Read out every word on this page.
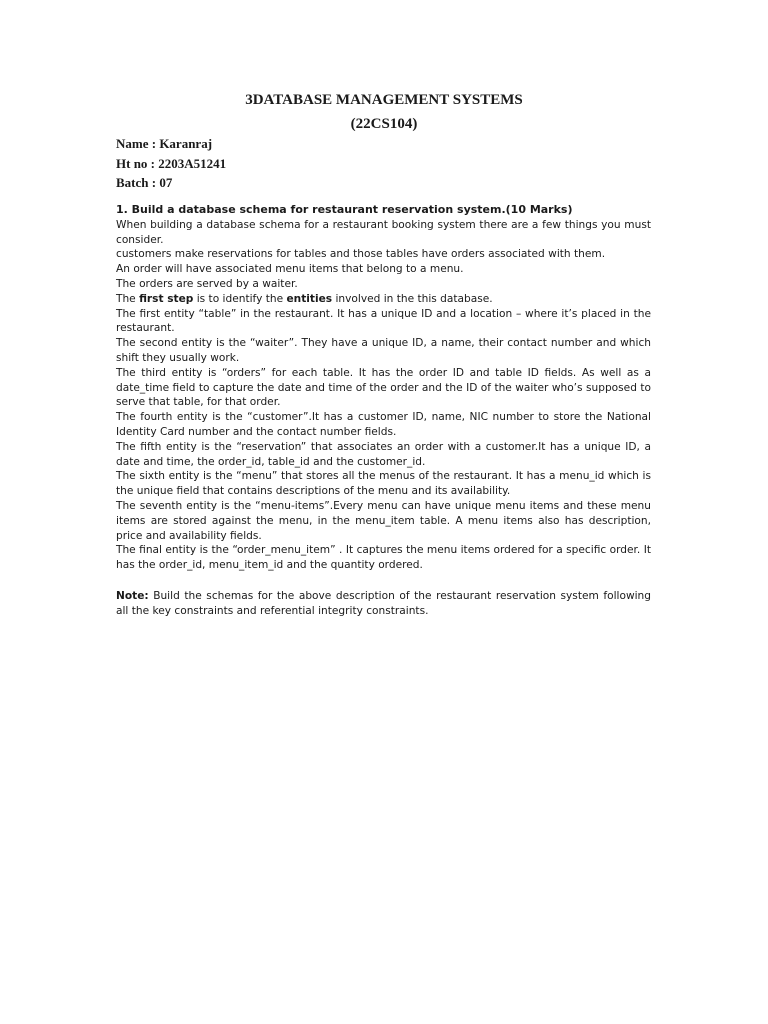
3DATABASE MANAGEMENT SYSTEMS
(22CS104)

Name : Karanraj

Ht no : 2203A51241

Batch : 07

1. Build a database schema for restaurant reservation system.(10 Marks)

When building a database schema for a restaurant booking system there are a few things you must consider.

customers make reservations for tables and those tables have orders associated with them.

An order will have associated menu items that belong to a menu.

The orders are served by a waiter.

The first step is to identify the entities involved in the this database.

The first entity “table” in the restaurant. It has a unique ID and a location – where it’s placed in the restaurant.

The second entity is the “waiter”. They have a unique ID, a name, their contact number and which shift they usually work.

The third entity is “orders” for each table. It has the order ID and table ID fields. As well as a date_time field to capture the date and time of the order and the ID of the waiter who’s supposed to serve that table, for that order.

The fourth entity is the “customer”.It has a customer ID, name, NIC number to store the National Identity Card number and the contact number fields.

The fifth entity is the “reservation” that associates an order with a customer.It has a unique ID, a date and time, the order_id, table_id and the customer_id.

The sixth entity is the “menu” that stores all the menus of the restaurant. It has a menu_id which is the unique field that contains descriptions of the menu and its availability.

The seventh entity is the “menu-items”.Every menu can have unique menu items and these menu items are stored against the menu, in the menu_item table. A menu items also has description, price and availability fields.

The final entity is the “order_menu_item” . It captures the menu items ordered for a specific order. It has the order_id, menu_item_id and the quantity ordered.

Note: Build the schemas for the above description of the restaurant reservation system following all the key constraints and referential integrity constraints.
